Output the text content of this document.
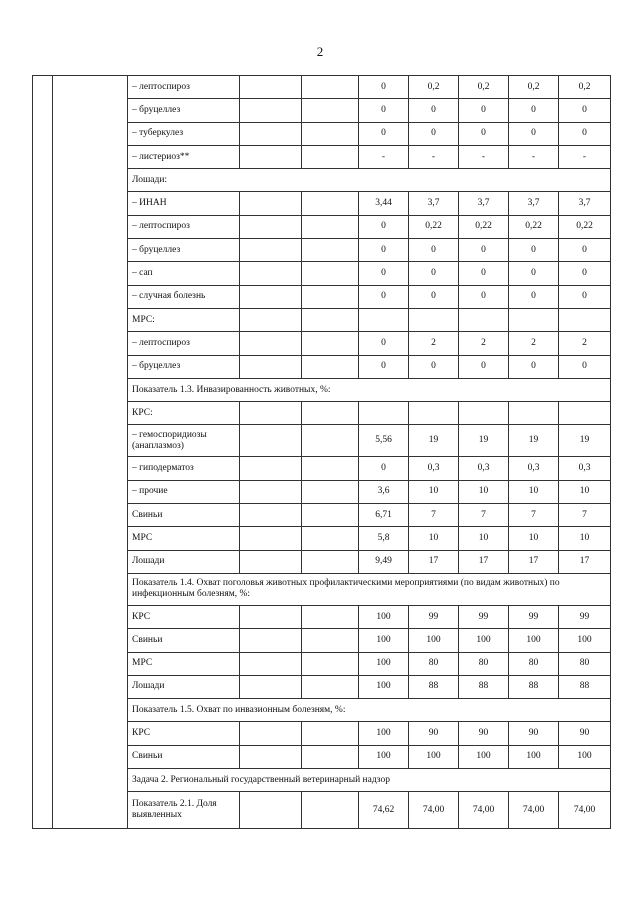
2
		– лептоспироз			0	0,2	0,2	0,2	0,2
		– бруцеллез			0	0	0	0	0
		– туберкулез			0	0	0	0	0
		– листериоз**			-	-	-	-	-
		Лошади:							
		– ИНАН			3,44	3,7	3,7	3,7	3,7
		– лептоспироз			0	0,22	0,22	0,22	0,22
		– бруцеллез			0	0	0	0	0
		– сап			0	0	0	0	0
		– случная болезнь			0	0	0	0	0
		МРС:							
		– лептоспироз			0	2	2	2	2
		– бруцеллез			0	0	0	0	0
		Показатель 1.3. Инвазированность животных, %:							
		КРС:							
		– гемоспоридиозы (анаплазмоз)			5,56	19	19	19	19
		– гиподерматоз			0	0,3	0,3	0,3	0,3
		– прочие			3,6	10	10	10	10
		Свиньи			6,71	7	7	7	7
		МРС			5,8	10	10	10	10
		Лошади			9,49	17	17	17	17
		Показатель 1.4. Охват поголовья животных профилактическими мероприятиями (по видам животных) по инфекционным болезням, %:							
		КРС			100	99	99	99	99
		Свиньи			100	100	100	100	100
		МРС			100	80	80	80	80
		Лошади			100	88	88	88	88
		Показатель 1.5. Охват по инвазионным болезням, %:							
		КРС			100	90	90	90	90
		Свиньи			100	100	100	100	100
		Задача 2. Региональный государственный ветеринарный надзор							
		Показатель 2.1. Доля выявленных			74,62	74,00	74,00	74,00	74,00
